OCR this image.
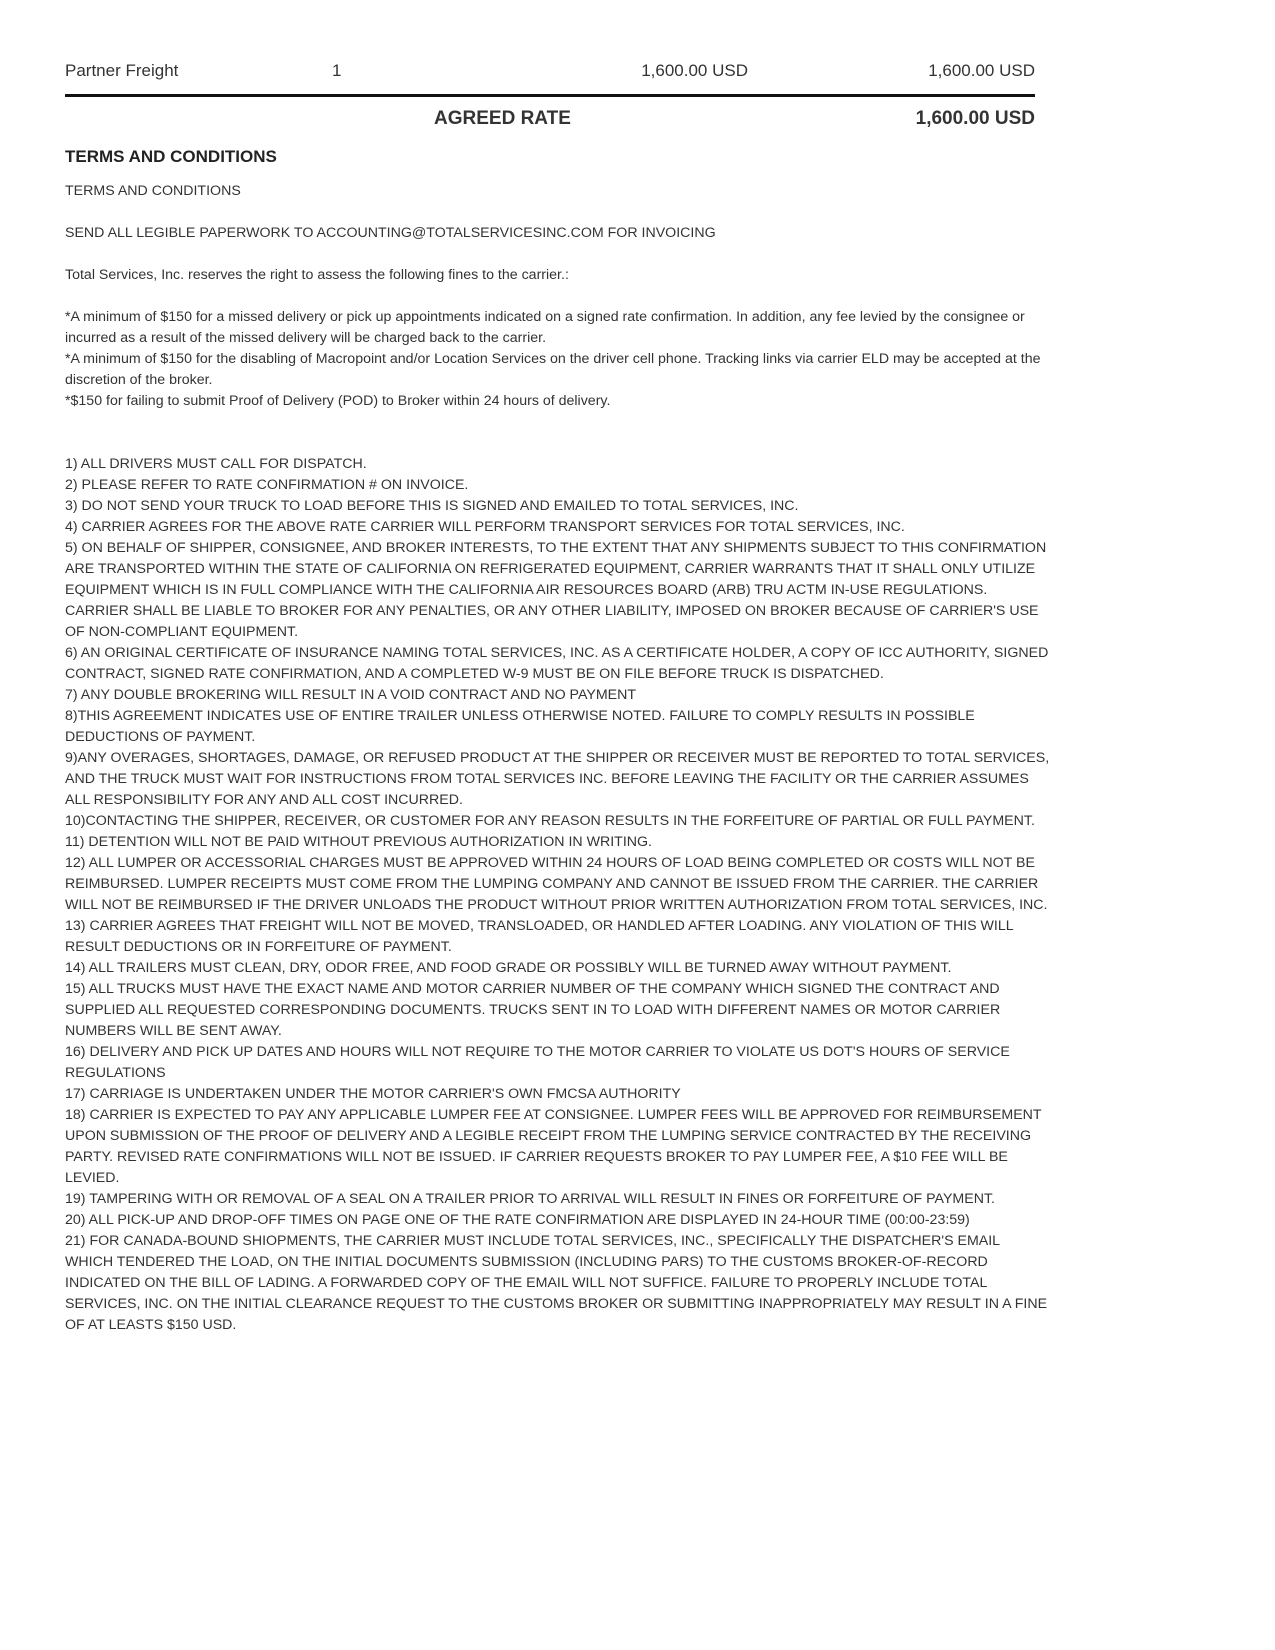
Partner Freight	1	1,600.00 USD	1,600.00 USD
AGREED RATE	1,600.00 USD
TERMS AND CONDITIONS

TERMS AND CONDITIONS

SEND ALL LEGIBLE PAPERWORK TO ACCOUNTING@TOTALSERVICESINC.COM FOR INVOICING

Total Services, Inc. reserves the right to assess the following fines to the carrier.:

*A minimum of $150 for a missed delivery or pick up appointments indicated on a signed rate confirmation. In addition, any fee levied by the consignee or incurred as a result of the missed delivery will be charged back to the carrier.

*A minimum of $150 for the disabling of Macropoint and/or Location Services on the driver cell phone. Tracking links via carrier ELD may be accepted at the discretion of the broker.

*$150 for failing to submit Proof of Delivery (POD) to Broker within 24 hours of delivery.

1) ALL DRIVERS MUST CALL FOR DISPATCH.

2) PLEASE REFER TO RATE CONFIRMATION # ON INVOICE.

3) DO NOT SEND YOUR TRUCK TO LOAD BEFORE THIS IS SIGNED AND EMAILED TO TOTAL SERVICES, INC.

4) CARRIER AGREES FOR THE ABOVE RATE CARRIER WILL PERFORM TRANSPORT SERVICES FOR TOTAL SERVICES, INC.

5) ON BEHALF OF SHIPPER, CONSIGNEE, AND BROKER INTERESTS, TO THE EXTENT THAT ANY SHIPMENTS SUBJECT TO THIS CONFIRMATION ARE TRANSPORTED WITHIN THE STATE OF CALIFORNIA ON REFRIGERATED EQUIPMENT, CARRIER WARRANTS THAT IT SHALL ONLY UTILIZE EQUIPMENT WHICH IS IN FULL COMPLIANCE WITH THE CALIFORNIA AIR RESOURCES BOARD (ARB) TRU ACTM IN-USE REGULATIONS. CARRIER SHALL BE LIABLE TO BROKER FOR ANY PENALTIES, OR ANY OTHER LIABILITY, IMPOSED ON BROKER BECAUSE OF CARRIER'S USE OF NON-COMPLIANT EQUIPMENT.

6) AN ORIGINAL CERTIFICATE OF INSURANCE NAMING TOTAL SERVICES, INC. AS A CERTIFICATE HOLDER, A COPY OF ICC AUTHORITY, SIGNED CONTRACT, SIGNED RATE CONFIRMATION, AND A COMPLETED W-9 MUST BE ON FILE BEFORE TRUCK IS DISPATCHED.

7) ANY DOUBLE BROKERING WILL RESULT IN A VOID CONTRACT AND NO PAYMENT

8)THIS AGREEMENT INDICATES USE OF ENTIRE TRAILER UNLESS OTHERWISE NOTED. FAILURE TO COMPLY RESULTS IN POSSIBLE DEDUCTIONS OF PAYMENT.

9)ANY OVERAGES, SHORTAGES, DAMAGE, OR REFUSED PRODUCT AT THE SHIPPER OR RECEIVER MUST BE REPORTED TO TOTAL SERVICES, AND THE TRUCK MUST WAIT FOR INSTRUCTIONS FROM TOTAL SERVICES INC. BEFORE LEAVING THE FACILITY OR THE CARRIER ASSUMES ALL RESPONSIBILITY FOR ANY AND ALL COST INCURRED.

10)CONTACTING THE SHIPPER, RECEIVER, OR CUSTOMER FOR ANY REASON RESULTS IN THE FORFEITURE OF PARTIAL OR FULL PAYMENT.

11) DETENTION WILL NOT BE PAID WITHOUT PREVIOUS AUTHORIZATION IN WRITING.

12) ALL LUMPER OR ACCESSORIAL CHARGES MUST BE APPROVED WITHIN 24 HOURS OF LOAD BEING COMPLETED OR COSTS WILL NOT BE REIMBURSED. LUMPER RECEIPTS MUST COME FROM THE LUMPING COMPANY AND CANNOT BE ISSUED FROM THE CARRIER. THE CARRIER WILL NOT BE REIMBURSED IF THE DRIVER UNLOADS THE PRODUCT WITHOUT PRIOR WRITTEN AUTHORIZATION FROM TOTAL SERVICES, INC.

13) CARRIER AGREES THAT FREIGHT WILL NOT BE MOVED, TRANSLOADED, OR HANDLED AFTER LOADING. ANY VIOLATION OF THIS WILL RESULT DEDUCTIONS OR IN FORFEITURE OF PAYMENT.

14) ALL TRAILERS MUST CLEAN, DRY, ODOR FREE, AND FOOD GRADE OR POSSIBLY WILL BE TURNED AWAY WITHOUT PAYMENT.

15) ALL TRUCKS MUST HAVE THE EXACT NAME AND MOTOR CARRIER NUMBER OF THE COMPANY WHICH SIGNED THE CONTRACT AND SUPPLIED ALL REQUESTED CORRESPONDING DOCUMENTS. TRUCKS SENT IN TO LOAD WITH DIFFERENT NAMES OR MOTOR CARRIER NUMBERS WILL BE SENT AWAY.

16) DELIVERY AND PICK UP DATES AND HOURS WILL NOT REQUIRE TO THE MOTOR CARRIER TO VIOLATE US DOT'S HOURS OF SERVICE REGULATIONS

17) CARRIAGE IS UNDERTAKEN UNDER THE MOTOR CARRIER'S OWN FMCSA AUTHORITY

18) CARRIER IS EXPECTED TO PAY ANY APPLICABLE LUMPER FEE AT CONSIGNEE. LUMPER FEES WILL BE APPROVED FOR REIMBURSEMENT UPON SUBMISSION OF THE PROOF OF DELIVERY AND A LEGIBLE RECEIPT FROM THE LUMPING SERVICE CONTRACTED BY THE RECEIVING PARTY. REVISED RATE CONFIRMATIONS WILL NOT BE ISSUED. IF CARRIER REQUESTS BROKER TO PAY LUMPER FEE, A $10 FEE WILL BE LEVIED.

19) TAMPERING WITH OR REMOVAL OF A SEAL ON A TRAILER PRIOR TO ARRIVAL WILL RESULT IN FINES OR FORFEITURE OF PAYMENT.

20) ALL PICK-UP AND DROP-OFF TIMES ON PAGE ONE OF THE RATE CONFIRMATION ARE DISPLAYED IN 24-HOUR TIME (00:00-23:59)

21) FOR CANADA-BOUND SHIOPMENTS, THE CARRIER MUST INCLUDE TOTAL SERVICES, INC., SPECIFICALLY THE DISPATCHER'S EMAIL WHICH TENDERED THE LOAD, ON THE INITIAL DOCUMENTS SUBMISSION (INCLUDING PARS) TO THE CUSTOMS BROKER-OF-RECORD INDICATED ON THE BILL OF LADING. A FORWARDED COPY OF THE EMAIL WILL NOT SUFFICE. FAILURE TO PROPERLY INCLUDE TOTAL SERVICES, INC. ON THE INITIAL CLEARANCE REQUEST TO THE CUSTOMS BROKER OR SUBMITTING INAPPROPRIATELY MAY RESULT IN A FINE OF AT LEASTS $150 USD.
